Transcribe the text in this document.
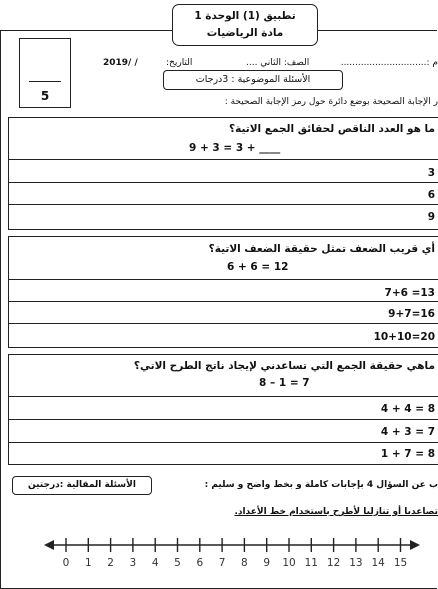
تطبيق (1) الوحدة 1
مادة الرياضيات
م :..............................
الصف: الثاني ....
التاريخ:
2019/ /
5
الأسئلة الموضوعية : 3درجات
ر الإجابة الصحيحة بوضع دائرة حول رمز الإجابة الصحيحة :
ما هو العدد الناقص لحقائق الجمع الاتية؟
9 + 3 = 3 + ____
3
6
9
أي قريب الضعف تمثل حقيقة الضعف الاتية؟
6 + 6 = 12
7+6 =13
9+7=16
10+10=20
ماهي حقيقة الجمع التي تساعدني لإيجاد ناتج الطرح الاتي؟
8 – 1 = 7
4 + 4 = 8
4 + 3 = 7
1 + 7 = 8
الأسئلة المقالية :درجتين	ب عن السؤال 4 بإجابات كاملة و بخط واضح و سليم :
تصاعديا أو تنازليا لأطرح باستخدام خط الأعداد.
0	1	2	3	4	5	6	7	8	9	10 11 12 13 14 15
